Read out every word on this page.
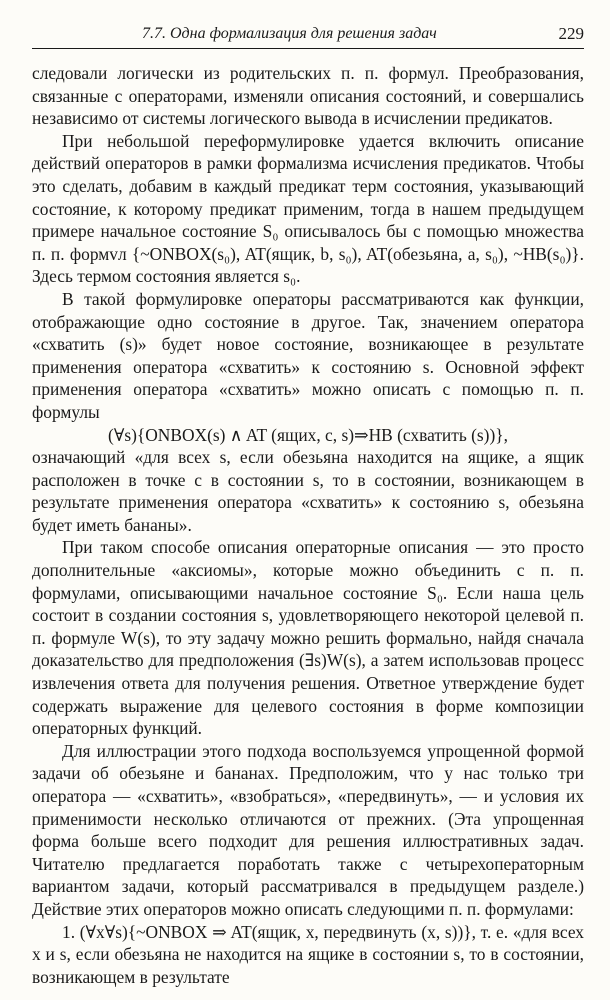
7.7. Одна формализация для решения задач	229

следовали логически из родительских п. п. формул. Преобразования, связанные с операторами, изменяли описания состояний, и совершались независимо от системы логического вывода в исчислении предикатов.

При небольшой переформулировке удается включить описание действий операторов в рамки формализма исчисления предикатов. Чтобы это сделать, добавим в каждый предикат терм состояния, указывающий состояние, к которому предикат применим, тогда в нашем предыдущем примере начальное состояние S₀ описывалось бы с помощью множества п. п. формvл {~ONBOX(s₀), AT(ящик, b, s₀), AT(обезьяна, a, s₀), ~HB(s₀)}. Здесь термом состояния является s₀.

В такой формулировке операторы рассматриваются как функции, отображающие одно состояние в другое. Так, значением оператора «схватить (s)» будет новое состояние, возникающее в результате применения оператора «схватить» к состоянию s. Основной эффект применения оператора «схватить» можно описать с помощью п. п. формулы

(∀s){ONBOX(s) ∧ AT (ящих, c, s)⇒HB (схватить (s))},

означающий «для всех s, если обезьяна находится на ящике, а ящик расположен в точке c в состоянии s, то в состоянии, возникающем в результате применения оператора «схватить» к состоянию s, обезьяна будет иметь бананы».

При таком способе описания операторные описания — это просто дополнительные «аксиомы», которые можно объединить с п. п. формулами, описывающими начальное состояние S₀. Если наша цель состоит в создании состояния s, удовлетворяющего некоторой целевой п. п. формуле W(s), то эту задачу можно решить формально, найдя сначала доказательство для предположения (∃s)W(s), а затем использовав процесс извлечения ответа для получения решения. Ответное утверждение будет содержать выражение для целевого состояния в форме композиции операторных функций.

Для иллюстрации этого подхода воспользуемся упрощенной формой задачи об обезьяне и бананах. Предположим, что у нас только три оператора — «схватить», «взобраться», «передвинуть», — и условия их применимости несколько отличаются от прежних. (Эта упрощенная форма больше всего подходит для решения иллюстративных задач. Читателю предлагается поработать также с четырехоператорным вариантом задачи, который рассматривался в предыдущем разделе.) Действие этих операторов можно описать следующими п. п. формулами:

1. (∀x∀s){~ONBOX ⇒ AT(ящик, x, передвинуть (x, s))}, т. е. «для всех x и s, если обезьяна не находится на ящике в состоянии s, то в состоянии, возникающем в результате
